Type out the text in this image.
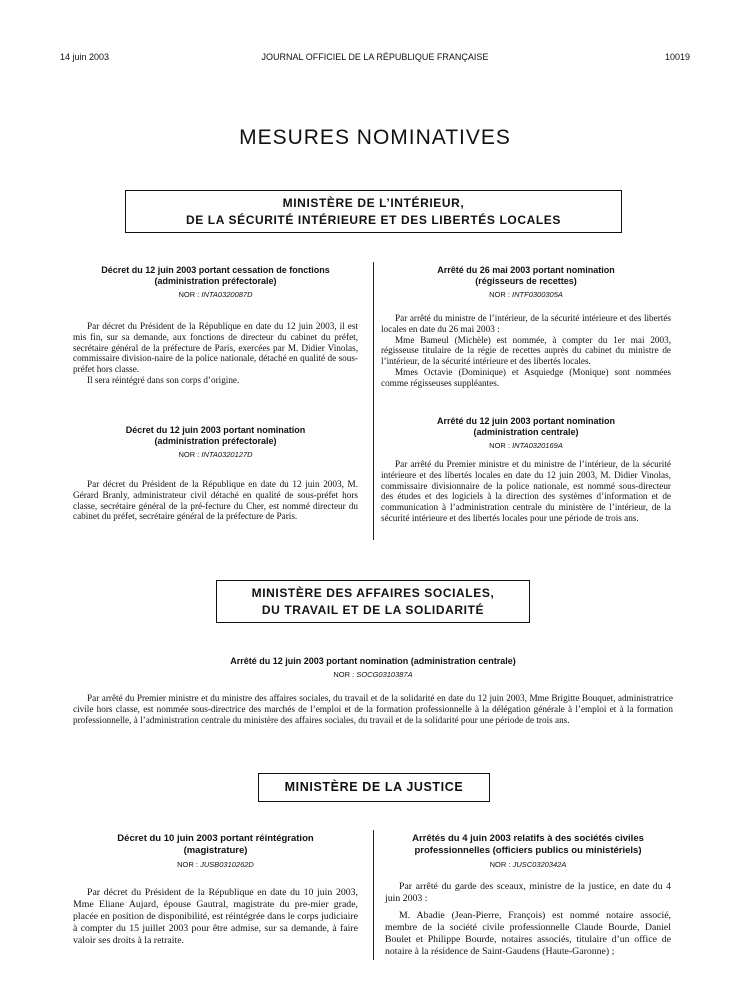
14 juin 2003	JOURNAL OFFICIEL DE LA RÉPUBLIQUE FRANÇAISE	10019
MESURES NOMINATIVES
MINISTÈRE DE L’INTÉRIEUR,
DE LA SÉCURITÉ INTÉRIEURE ET DES LIBERTÉS LOCALES
Décret du 12 juin 2003 portant cessation de fonctions
(administration préfectorale)
NOR : INTA0320087D

Par décret du Président de la République en date du 12 juin 2003, il est mis fin, sur sa demande, aux fonctions de directeur du cabinet du préfet, secrétaire général de la préfecture de Paris, exercées par M. Didier Vinolas, commissaire division-naire de la police nationale, détaché en qualité de sous-préfet hors classe.

Il sera réintégré dans son corps d’origine.

Décret du 12 juin 2003 portant nomination
(administration préfectorale)
NOR : INTA0320127D

Par décret du Président de la République en date du 12 juin 2003, M. Gérard Branly, administrateur civil détaché en qualité de sous-préfet hors classe, secrétaire général de la pré-fecture du Cher, est nommé directeur du cabinet du préfet, secrétaire général de la préfecture de Paris.

Arrêté du 26 mai 2003 portant nomination
(régisseurs de recettes)
NOR : INTF0300305A

Par arrêté du ministre de l’intérieur, de la sécurité intérieure et des libertés locales en date du 26 mai 2003 :

Mme Bameul (Michèle) est nommée, à compter du 1er mai 2003, régisseuse titulaire de la régie de recettes auprès du cabinet du ministre de l’intérieur, de la sécurité intérieure et des libertés locales.

Mmes Octavie (Dominique) et Asquiedge (Monique) sont nommées comme régisseuses suppléantes.

Arrêté du 12 juin 2003 portant nomination
(administration centrale)
NOR : INTA0320169A

Par arrêté du Premier ministre et du ministre de l’intérieur, de la sécurité intérieure et des libertés locales en date du 12 juin 2003, M. Didier Vinolas, commissaire divisionnaire de la police nationale, est nommé sous-directeur des études et des logiciels à la direction des systèmes d’information et de communication à l’administration centrale du ministère de l’intérieur, de la sécurité intérieure et des libertés locales pour une période de trois ans.

MINISTÈRE DES AFFAIRES SOCIALES,
DU TRAVAIL ET DE LA SOLIDARITÉ
Arrêté du 12 juin 2003 portant nomination (administration centrale)
NOR : SOCG0310387A

Par arrêté du Premier ministre et du ministre des affaires sociales, du travail et de la solidarité en date du 12 juin 2003, Mme Brigitte Bouquet, administratrice civile hors classe, est nommée sous-directrice des marchés de l’emploi et de la formation professionnelle à la délégation générale à l’emploi et à la formation professionnelle, à l’administration centrale du ministère des affaires sociales, du travail et de la solidarité pour une période de trois ans.

MINISTÈRE DE LA JUSTICE
Décret du 10 juin 2003 portant réintégration
(magistrature)
NOR : JUSB0310262D

Par décret du Président de la République en date du 10 juin 2003, Mme Eliane Aujard, épouse Gautral, magistrate du pre-mier grade, placée en position de disponibilité, est réintégrée dans le corps judiciaire à compter du 15 juillet 2003 pour être admise, sur sa demande, à faire valoir ses droits à la retraite.

Arrêtés du 4 juin 2003 relatifs à des sociétés civiles
professionnelles (officiers publics ou ministériels)
NOR : JUSC0320342A

Par arrêté du garde des sceaux, ministre de la justice, en date du 4 juin 2003 :

M. Abadie (Jean-Pierre, François) est nommé notaire associé, membre de la société civile professionnelle Claude Bourde, Daniel Boulet et Philippe Bourde, notaires associés, titulaire d’un office de notaire à la résidence de Saint-Gaudens (Haute-Garonne) ;
